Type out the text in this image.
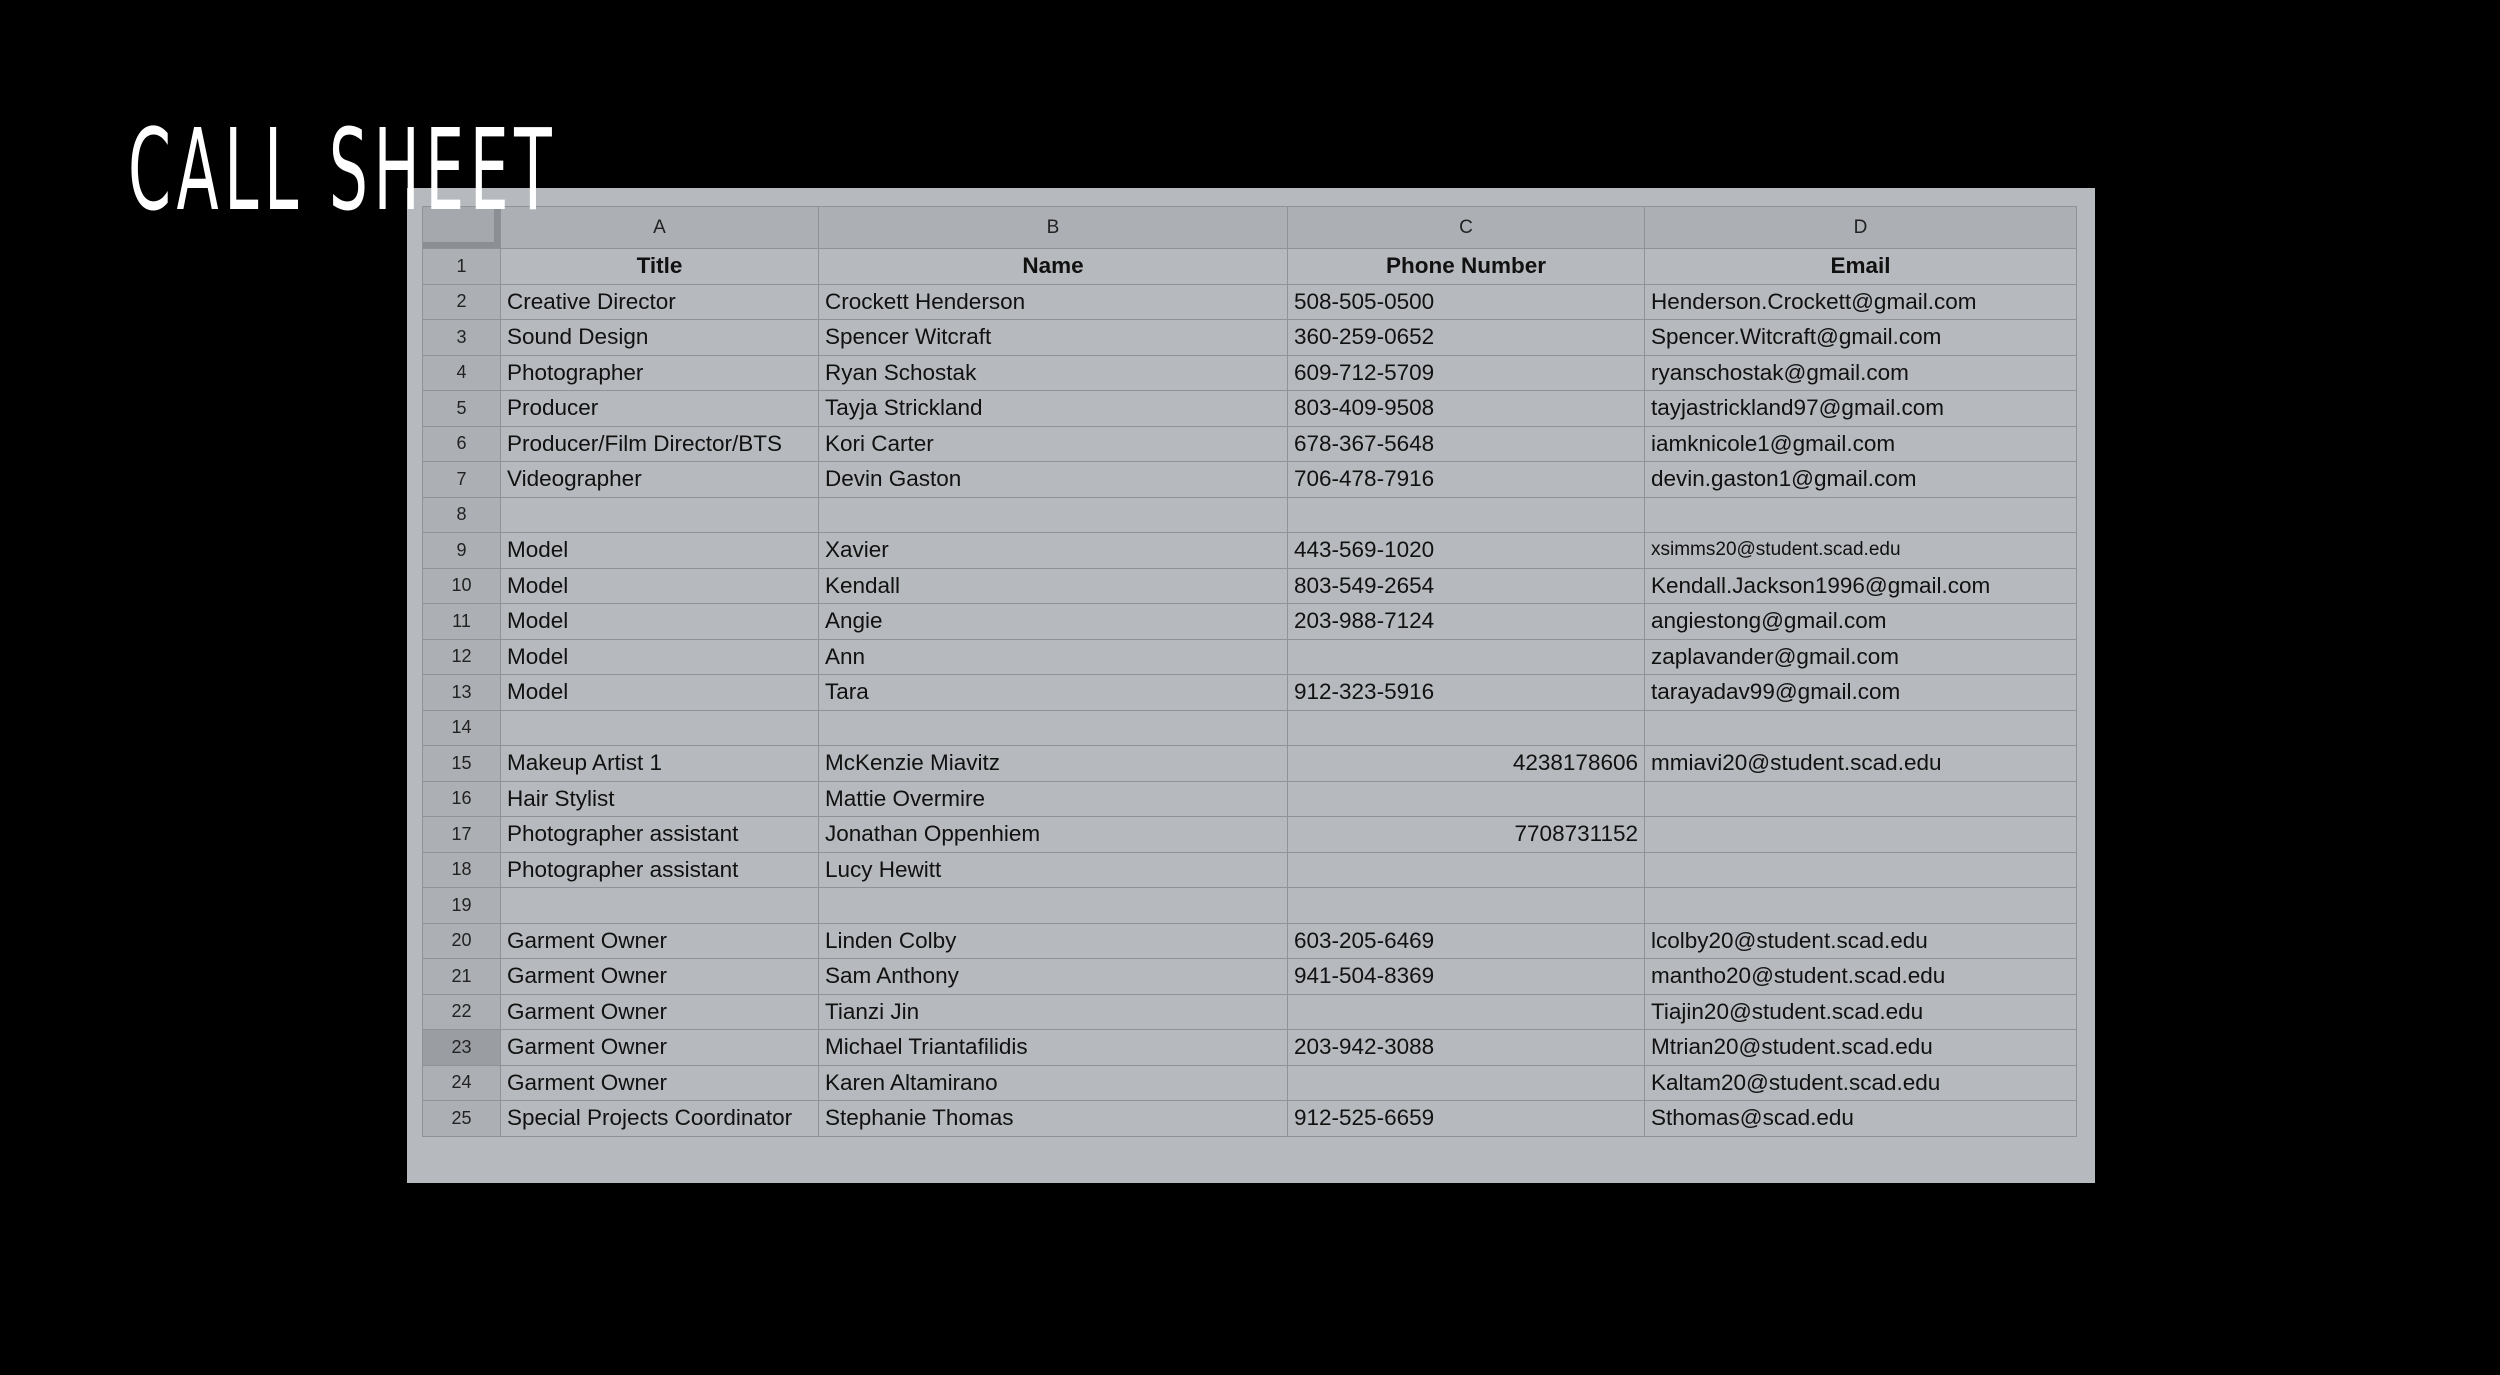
CALL SHEET
		A	B	C	D
1	Title	Name	Phone Number	Email
2	Creative Director	Crockett Henderson	508-505-0500	Henderson.Crockett@gmail.com
3	Sound Design	Spencer Witcraft	360-259-0652	Spencer.Witcraft@gmail.com
4	Photographer	Ryan Schostak	609-712-5709	ryanschostak@gmail.com
5	Producer	Tayja Strickland	803-409-9508	tayjastrickland97@gmail.com
6	Producer/Film Director/BTS	Kori Carter	678-367-5648	iamknicole1@gmail.com
7	Videographer	Devin Gaston	706-478-7916	devin.gaston1@gmail.com
8				
9	Model	Xavier	443-569-1020	xsimms20@student.scad.edu
10	Model	Kendall	803-549-2654	Kendall.Jackson1996@gmail.com
11	Model	Angie	203-988-7124	angiestong@gmail.com
12	Model	Ann		zaplavander@gmail.com
13	Model	Tara	912-323-5916	tarayadav99@gmail.com
14				
15	Makeup Artist 1	McKenzie Miavitz	4238178606	mmiavi20@student.scad.edu
16	Hair Stylist	Mattie Overmire		
17	Photographer assistant	Jonathan Oppenhiem	7708731152	
18	Photographer assistant	Lucy Hewitt		
19				
20	Garment Owner	Linden Colby	603-205-6469	lcolby20@student.scad.edu
21	Garment Owner	Sam Anthony	941-504-8369	mantho20@student.scad.edu
22	Garment Owner	Tianzi Jin		Tiajin20@student.scad.edu
23	Garment Owner	Michael Triantafilidis	203-942-3088	Mtrian20@student.scad.edu
24	Garment Owner	Karen Altamirano		Kaltam20@student.scad.edu
25	Special Projects Coordinator	Stephanie Thomas	912-525-6659	Sthomas@scad.edu
